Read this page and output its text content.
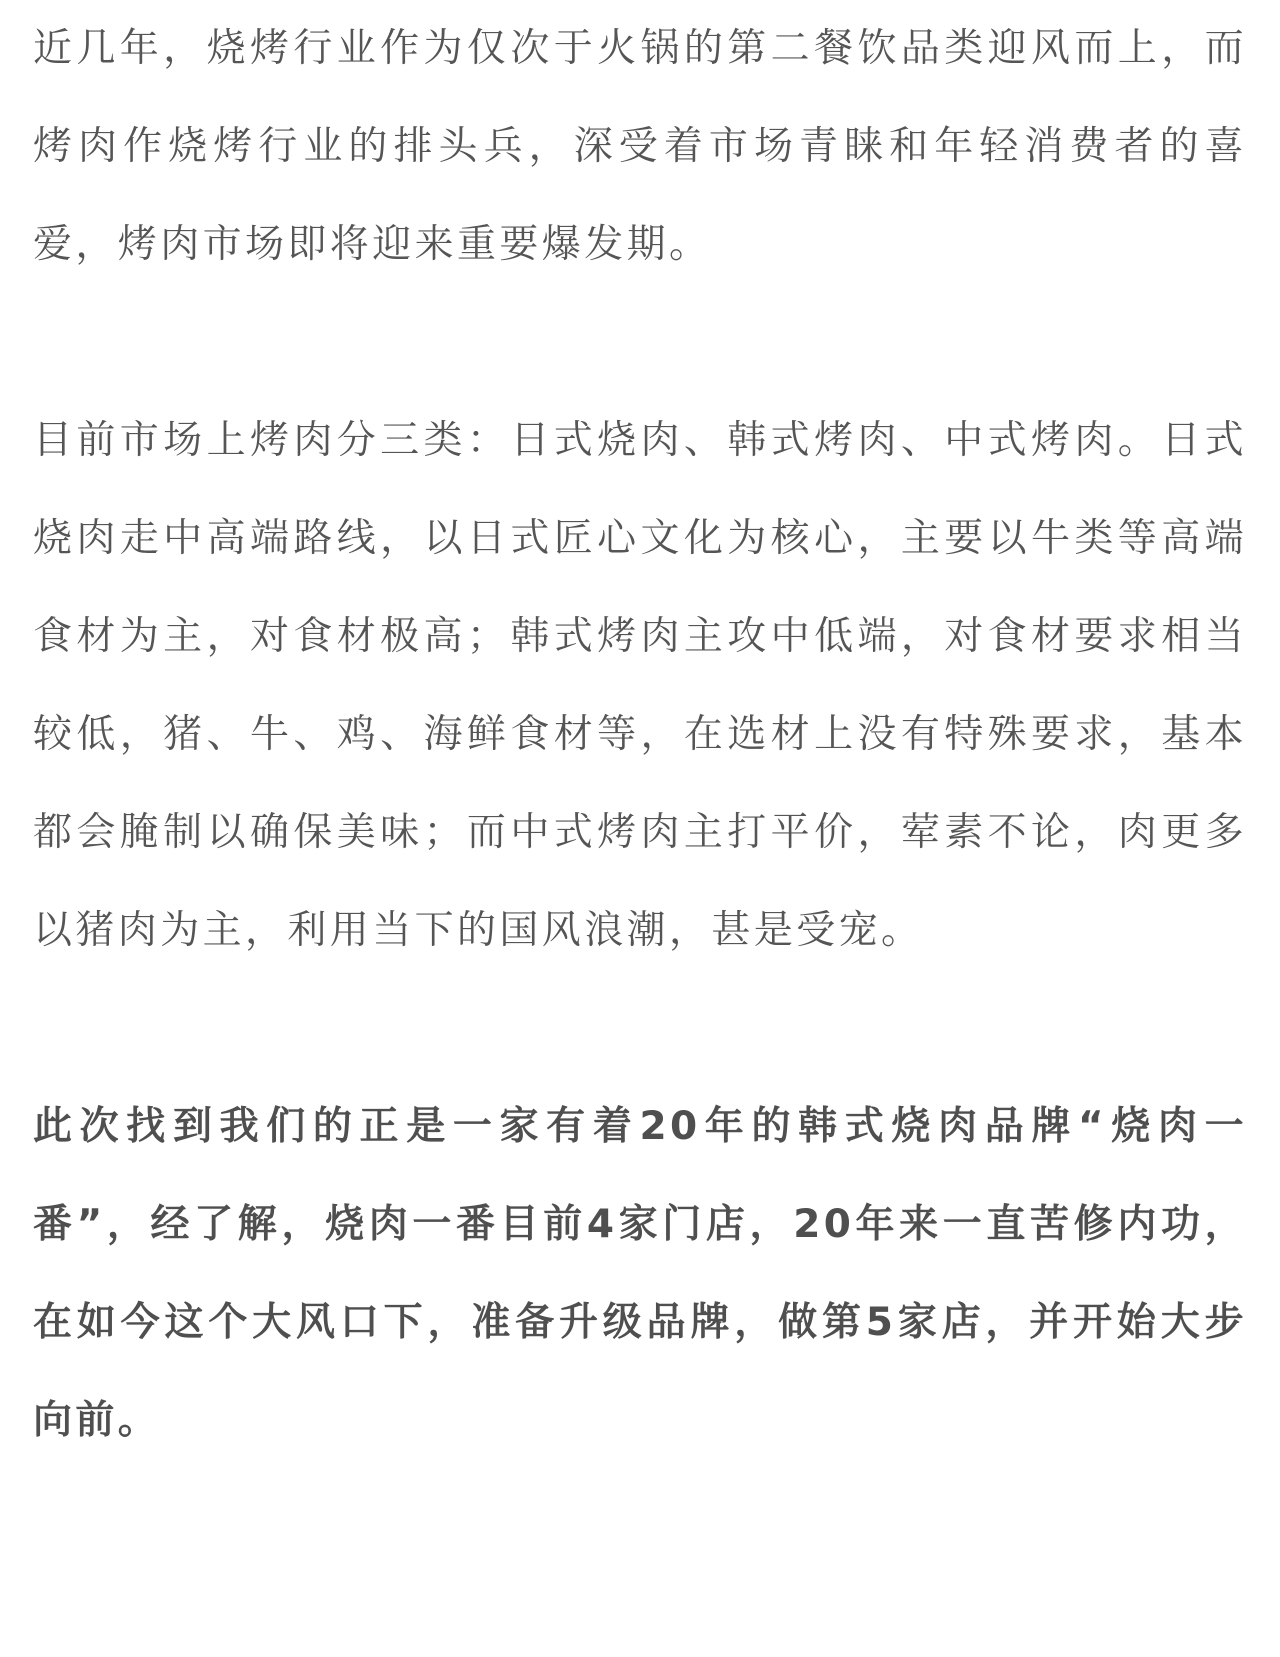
近几年，烧烤行业作为仅次于火锅的第二餐饮品类迎风而上，而烤肉作烧烤行业的排头兵，深受着市场青睐和年轻消费者的喜爱，烤肉市场即将迎来重要爆发期。

目前市场上烤肉分三类：日式烧肉、韩式烤肉、中式烤肉。日式烧肉走中高端路线，以日式匠心文化为核心，主要以牛类等高端食材为主，对食材极高；韩式烤肉主攻中低端，对食材要求相当较低，猪、牛、鸡、海鲜食材等，在选材上没有特殊要求，基本都会腌制以确保美味；而中式烤肉主打平价，荤素不论，肉更多以猪肉为主，利用当下的国风浪潮，甚是受宠。

此次找到我们的正是一家有着20年的韩式烧肉品牌“烧肉一番”，经了解，烧肉一番目前4家门店，20年来一直苦修内功，在如今这个大风口下，准备升级品牌，做第5家店，并开始大步向前。
